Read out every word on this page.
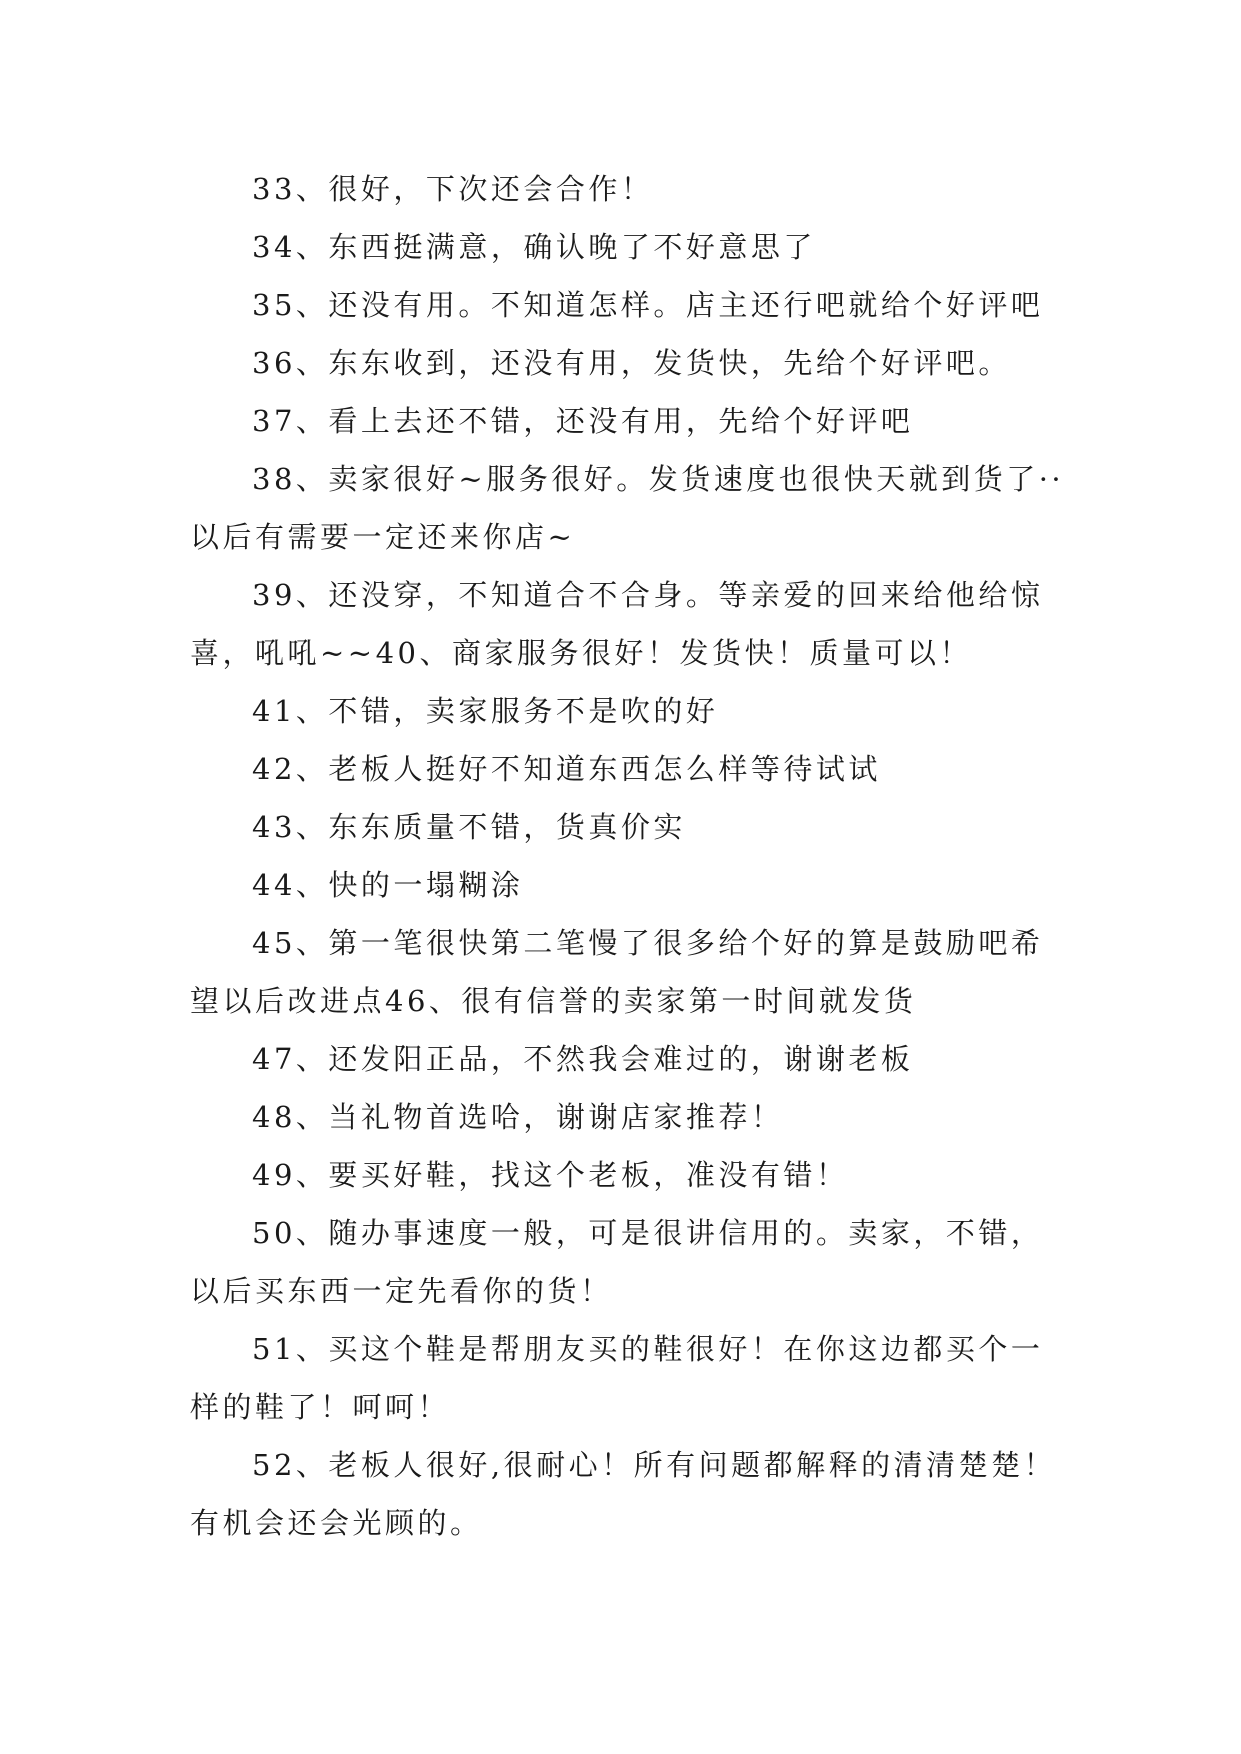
33、很好，下次还会合作！

34、东西挺满意，确认晚了不好意思了

35、还没有用。不知道怎样。店主还行吧就给个好评吧

36、东东收到，还没有用，发货快，先给个好评吧。

37、看上去还不错，还没有用，先给个好评吧

38、卖家很好~服务很好。发货速度也很快天就到货了··以后有需要一定还来你店~

39、还没穿，不知道合不合身。等亲爱的回来给他给惊喜，吼吼~~40、商家服务很好！发货快！质量可以！

41、不错，卖家服务不是吹的好

42、老板人挺好不知道东西怎么样等待试试

43、东东质量不错，货真价实

44、快的一塌糊涂

45、第一笔很快第二笔慢了很多给个好的算是鼓励吧希望以后改进点46、很有信誉的卖家第一时间就发货

47、还发阳正品，不然我会难过的，谢谢老板

48、当礼物首选哈，谢谢店家推荐！

49、要买好鞋，找这个老板，准没有错！

50、随办事速度一般，可是很讲信用的。卖家，不错，以后买东西一定先看你的货！

51、买这个鞋是帮朋友买的鞋很好！在你这边都买个一样的鞋了！呵呵！

52、老板人很好,很耐心！所有问题都解释的清清楚楚！有机会还会光顾的。
